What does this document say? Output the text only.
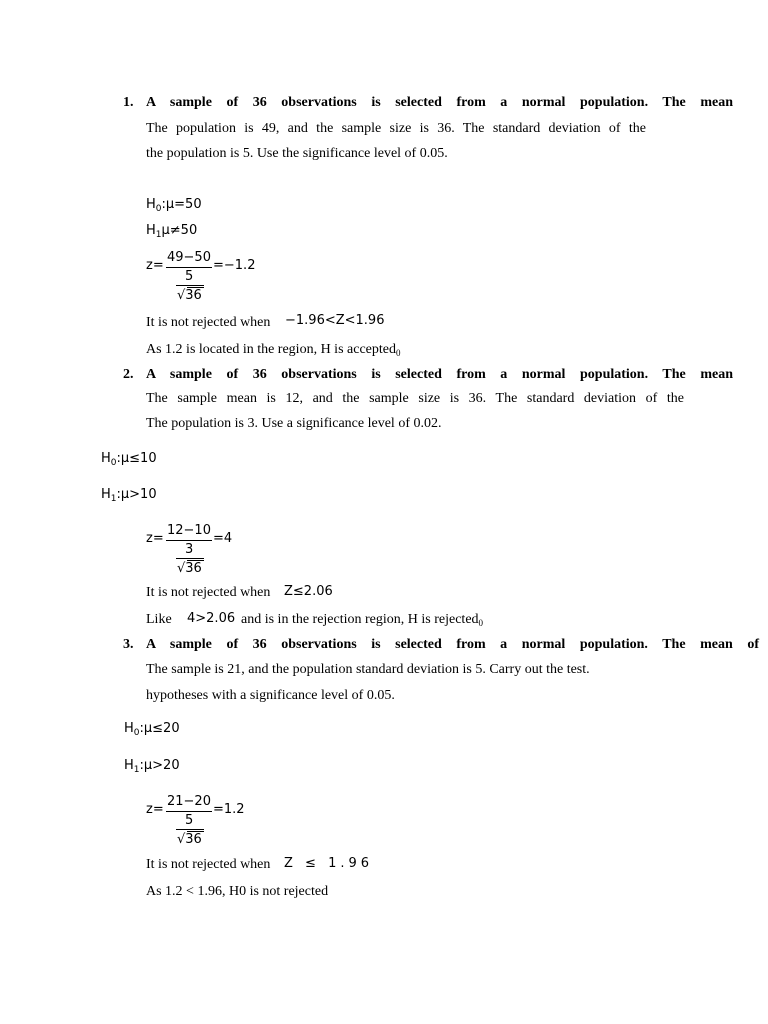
1. A sample of 36 observations is selected from a normal population. The mean
The population is 49, and the sample size is 36. The standard deviation of the
the population is 5. Use the significance level of 0.05.
$H_0:\mu=50$
$H_1\mu\ne 50$
z=
49−50
=−1.2
5
√36
It is not rejected when −1.96<Z<1.96
As 1.2 is located in the region, H is accepted$_0$
2. A sample of 36 observations is selected from a normal population. The mean
The sample mean is 12, and the sample size is 36. The standard deviation of the
The population is 3. Use a significance level of 0.02.
$H_0:\mu\le 10$
$H_1:\mu>10$
z=
12−10
=4
3
√36
It is not rejected when Z≤2.06
Like 4>2.06 and is in the rejection region, H is rejected$_0$
3. A sample of 36 observations is selected from a normal population. The mean of
The sample is 21, and the population standard deviation is 5. Carry out the test.
hypotheses with a significance level of 0.05.
$H_0:\mu\le 20$
$H_1:\mu>20$
z=
21−20
=1.2
5
√36
It is not rejected when Z ≤ 1.96
As 1.2 < 1.96, H0 is not rejected
